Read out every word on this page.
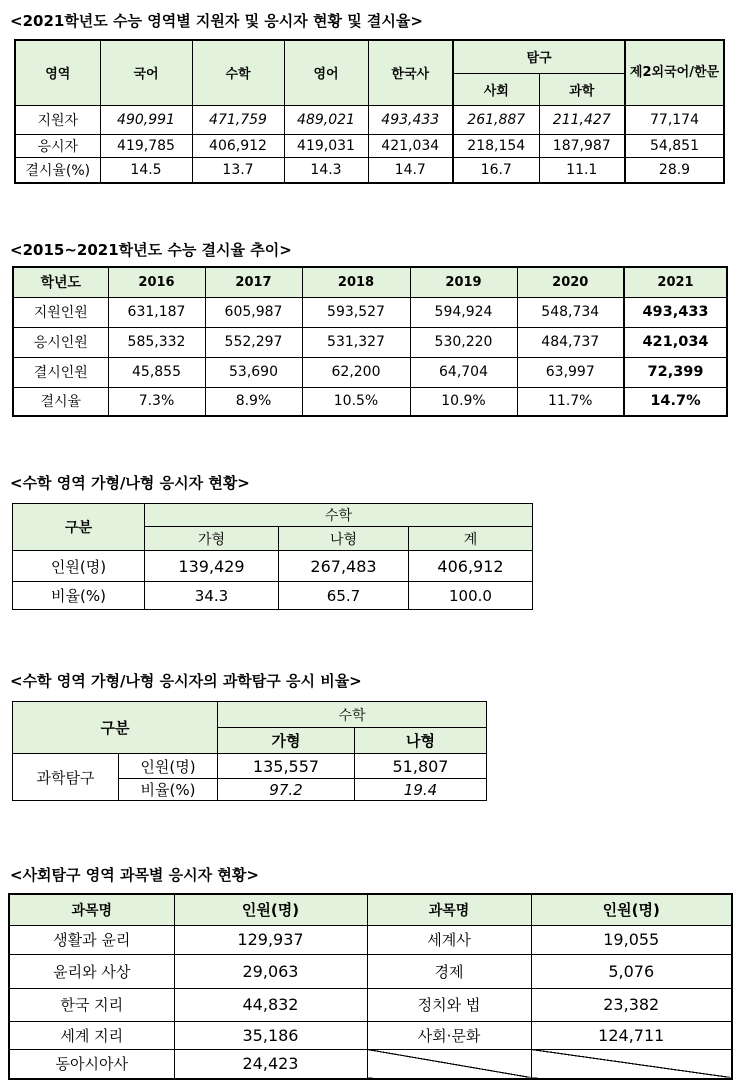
<2021학년도 수능 영역별 지원자 및 응시자 현황 및 결시율>
영역	국어	수학	영어	한국사	탐구		제2외국어/한문
					사회	과학	
지원자	490,991	471,759	489,021	493,433	261,887	211,427	77,174
응시자	419,785	406,912	419,031	421,034	218,154	187,987	54,851
결시율(%)	14.5	13.7	14.3	14.7	16.7	11.1	28.9
<2015~2021학년도 수능 결시율 추이>
학년도	2016	2017	2018	2019	2020	2021
지원인원	631,187	605,987	593,527	594,924	548,734	493,433
응시인원	585,332	552,297	531,327	530,220	484,737	421,034
결시인원	45,855	53,690	62,200	64,704	63,997	72,399
결시율	7.3%	8.9%	10.5%	10.9%	11.7%	14.7%
<수학 영역 가형/나형 응시자 현황>
구분	수학		
	가형	나형	계
인원(명)	139,429	267,483	406,912
비율(%)	34.3	65.7	100.0
<수학 영역 가형/나형 응시자의 과학탐구 응시 비율>
구분		수학	
		가형	나형
과학탐구	인원(명)	135,557	51,807
	비율(%)	97.2	19.4
<사회탐구 영역 과목별 응시자 현황>
과목명	인원(명)	과목명	인원(명)
생활과 윤리	129,937	세계사	19,055
윤리와 사상	29,063	경제	5,076
한국 지리	44,832	정치와 법	23,382
세계 지리	35,186	사회·문화	124,711
동아시아사	24,423		
